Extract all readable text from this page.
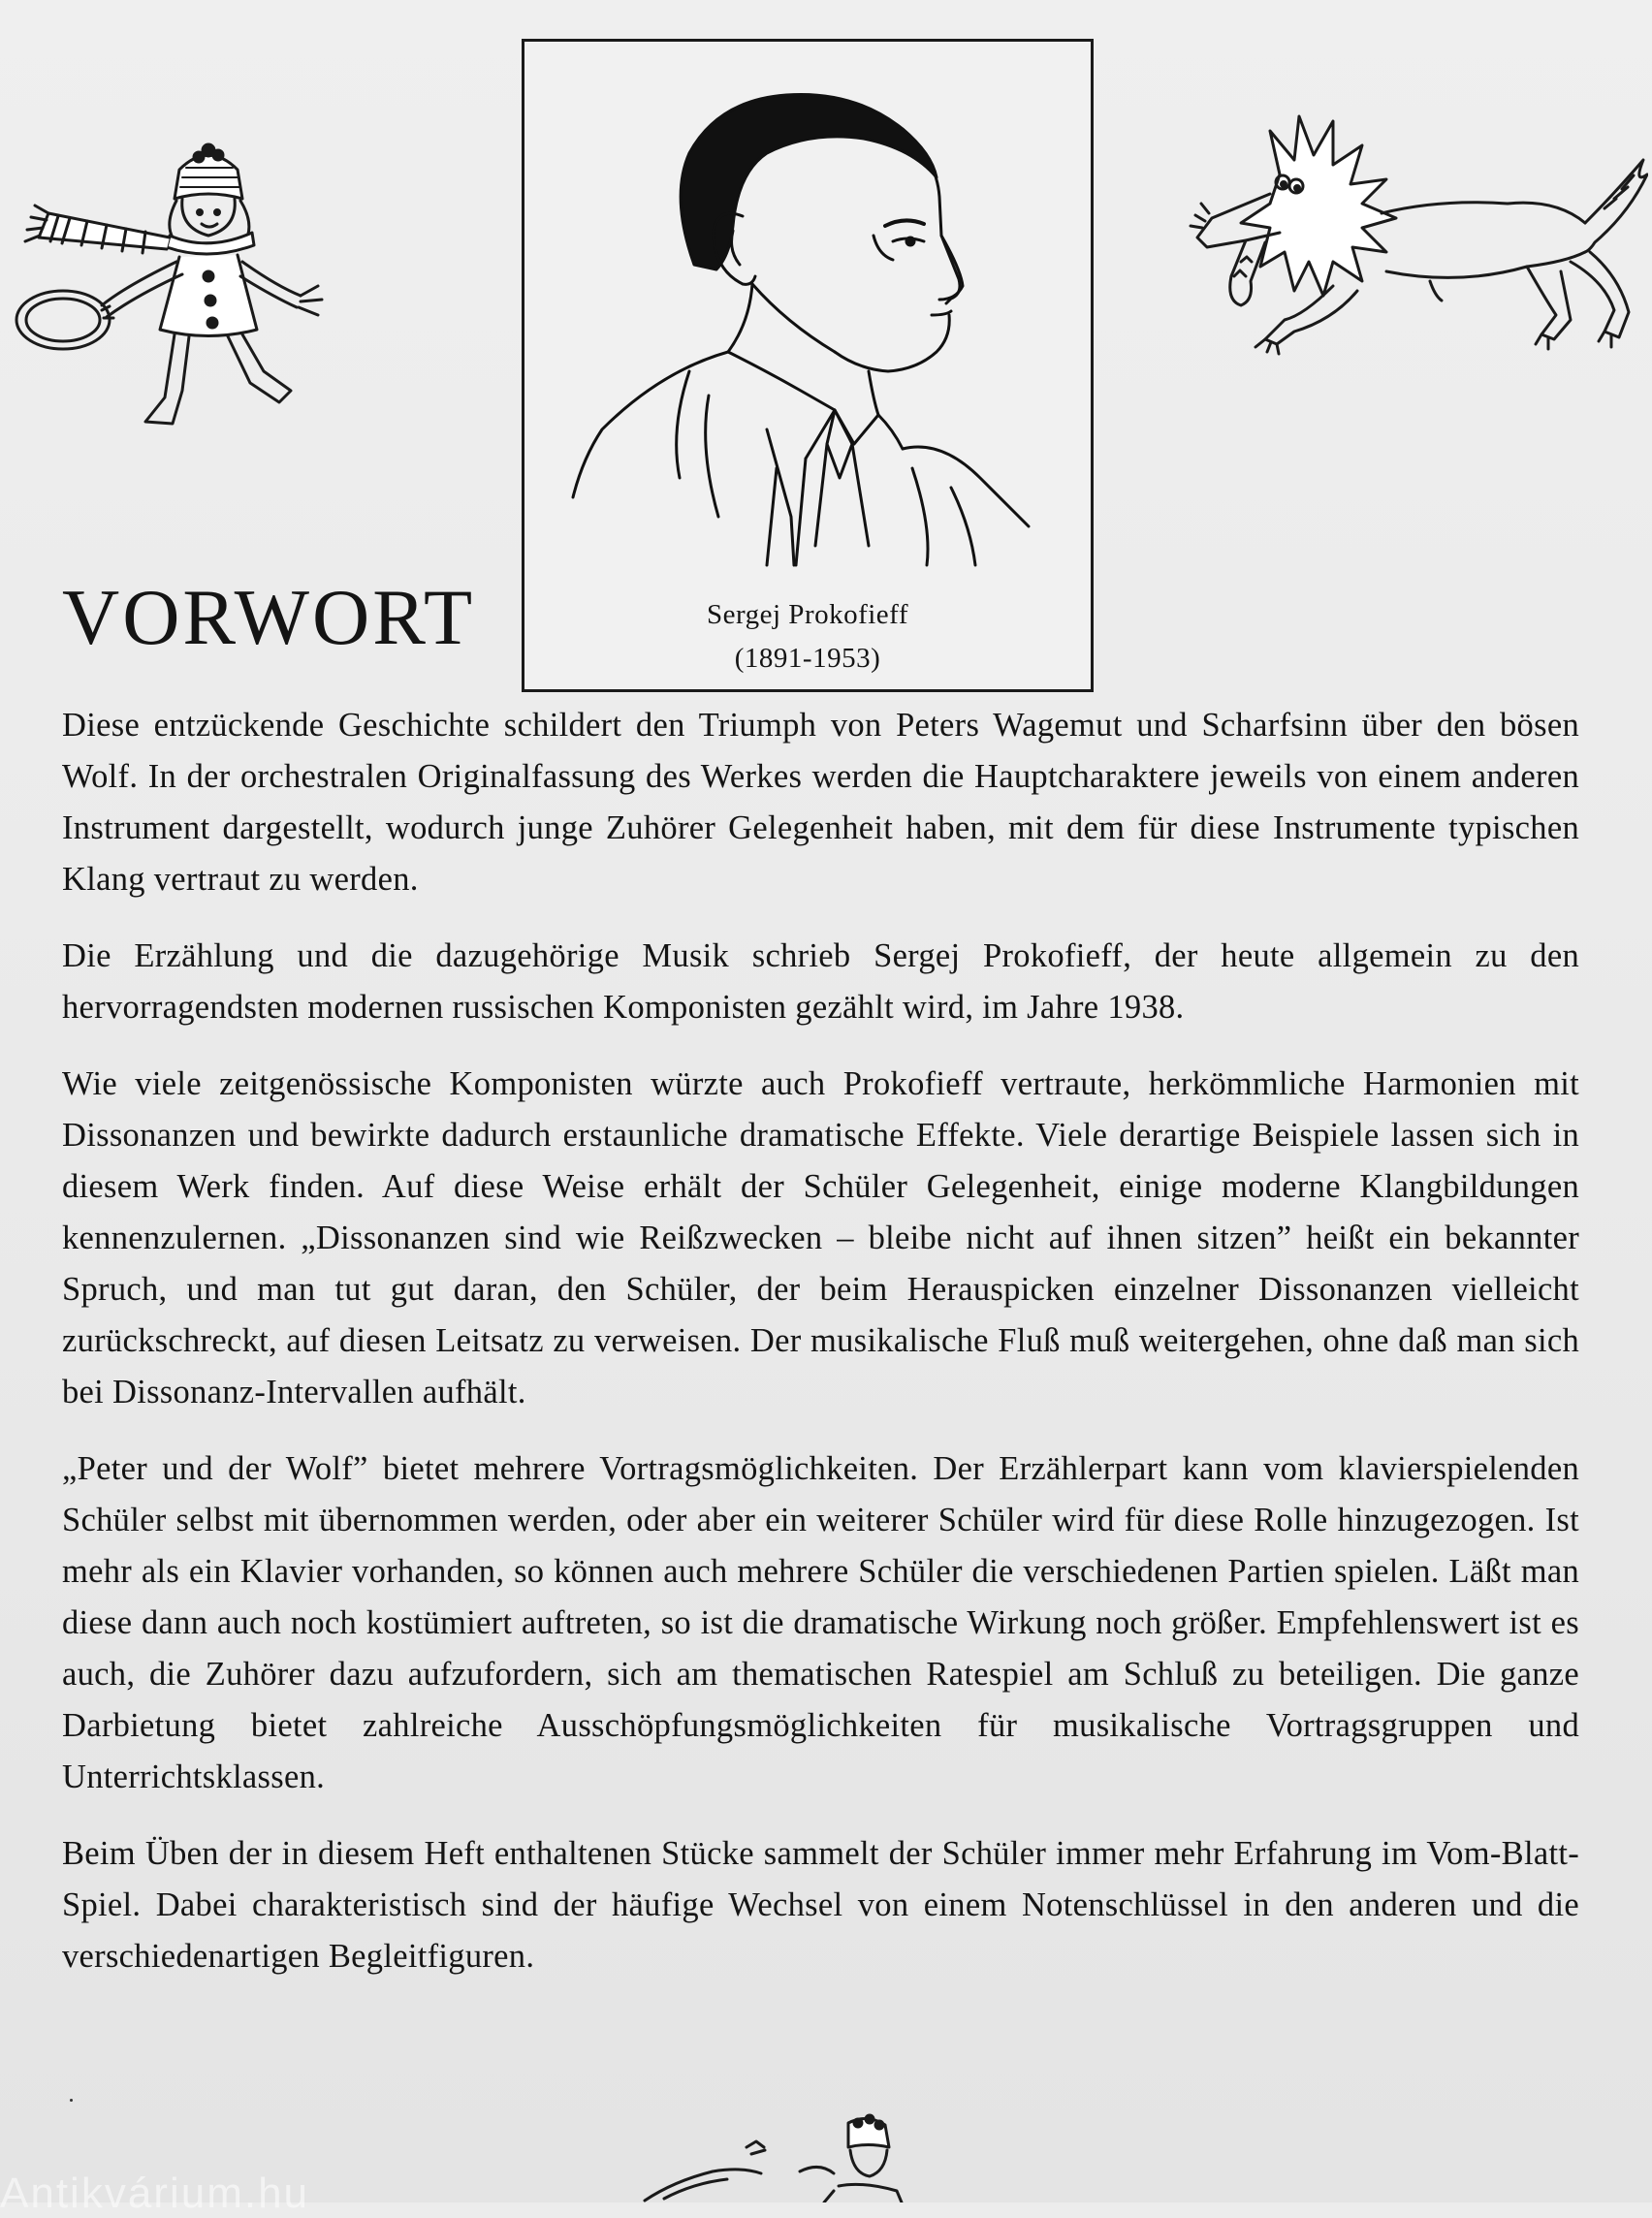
Sergej Prokofieff
(1891-1953)
VORWORT

Diese entzückende Geschichte schildert den Triumph von Peters Wagemut und Scharfsinn über den bösen Wolf. In der orchestralen Originalfassung des Werkes werden die Hauptcharaktere jeweils von einem anderen Instrument dargestellt, wodurch junge Zuhörer Gelegenheit haben, mit dem für diese Instrumente typischen Klang vertraut zu werden.

Die Erzählung und die dazugehörige Musik schrieb Sergej Prokofieff, der heute allgemein zu den hervorragendsten modernen russischen Komponisten gezählt wird, im Jahre 1938.

Wie viele zeitgenössische Komponisten würzte auch Prokofieff vertraute, herkömmliche Harmonien mit Dissonanzen und bewirkte dadurch erstaunliche dramatische Effekte. Viele derartige Beispiele lassen sich in diesem Werk finden. Auf diese Weise erhält der Schüler Gelegenheit, einige moderne Klangbildungen kennenzulernen. „Dissonanzen sind wie Reißzwecken – bleibe nicht auf ihnen sitzen” heißt ein bekannter Spruch, und man tut gut daran, den Schüler, der beim Herauspicken einzelner Dissonanzen vielleicht zurückschreckt, auf diesen Leitsatz zu verweisen. Der musikalische Fluß muß weitergehen, ohne daß man sich bei Dissonanz-Intervallen aufhält.

„Peter und der Wolf” bietet mehrere Vortragsmöglichkeiten. Der Erzählerpart kann vom klavierspielenden Schüler selbst mit übernommen werden, oder aber ein weiterer Schüler wird für diese Rolle hinzugezogen. Ist mehr als ein Klavier vorhanden, so können auch mehrere Schüler die verschiedenen Partien spielen. Läßt man diese dann auch noch kostümiert auftreten, so ist die dramatische Wirkung noch größer. Empfehlenswert ist es auch, die Zuhörer dazu aufzufordern, sich am thematischen Ratespiel am Schluß zu beteiligen. Die ganze Darbietung bietet zahlreiche Ausschöpfungsmöglichkeiten für musikalische Vortragsgruppen und Unterrichtsklassen.

Beim Üben der in diesem Heft enthaltenen Stücke sammelt der Schüler immer mehr Erfahrung im Vom-Blatt-Spiel. Dabei charakteristisch sind der häufige Wechsel von einem Notenschlüssel in den anderen und die verschiedenartigen Begleitfiguren.

Antikvárium.hu
